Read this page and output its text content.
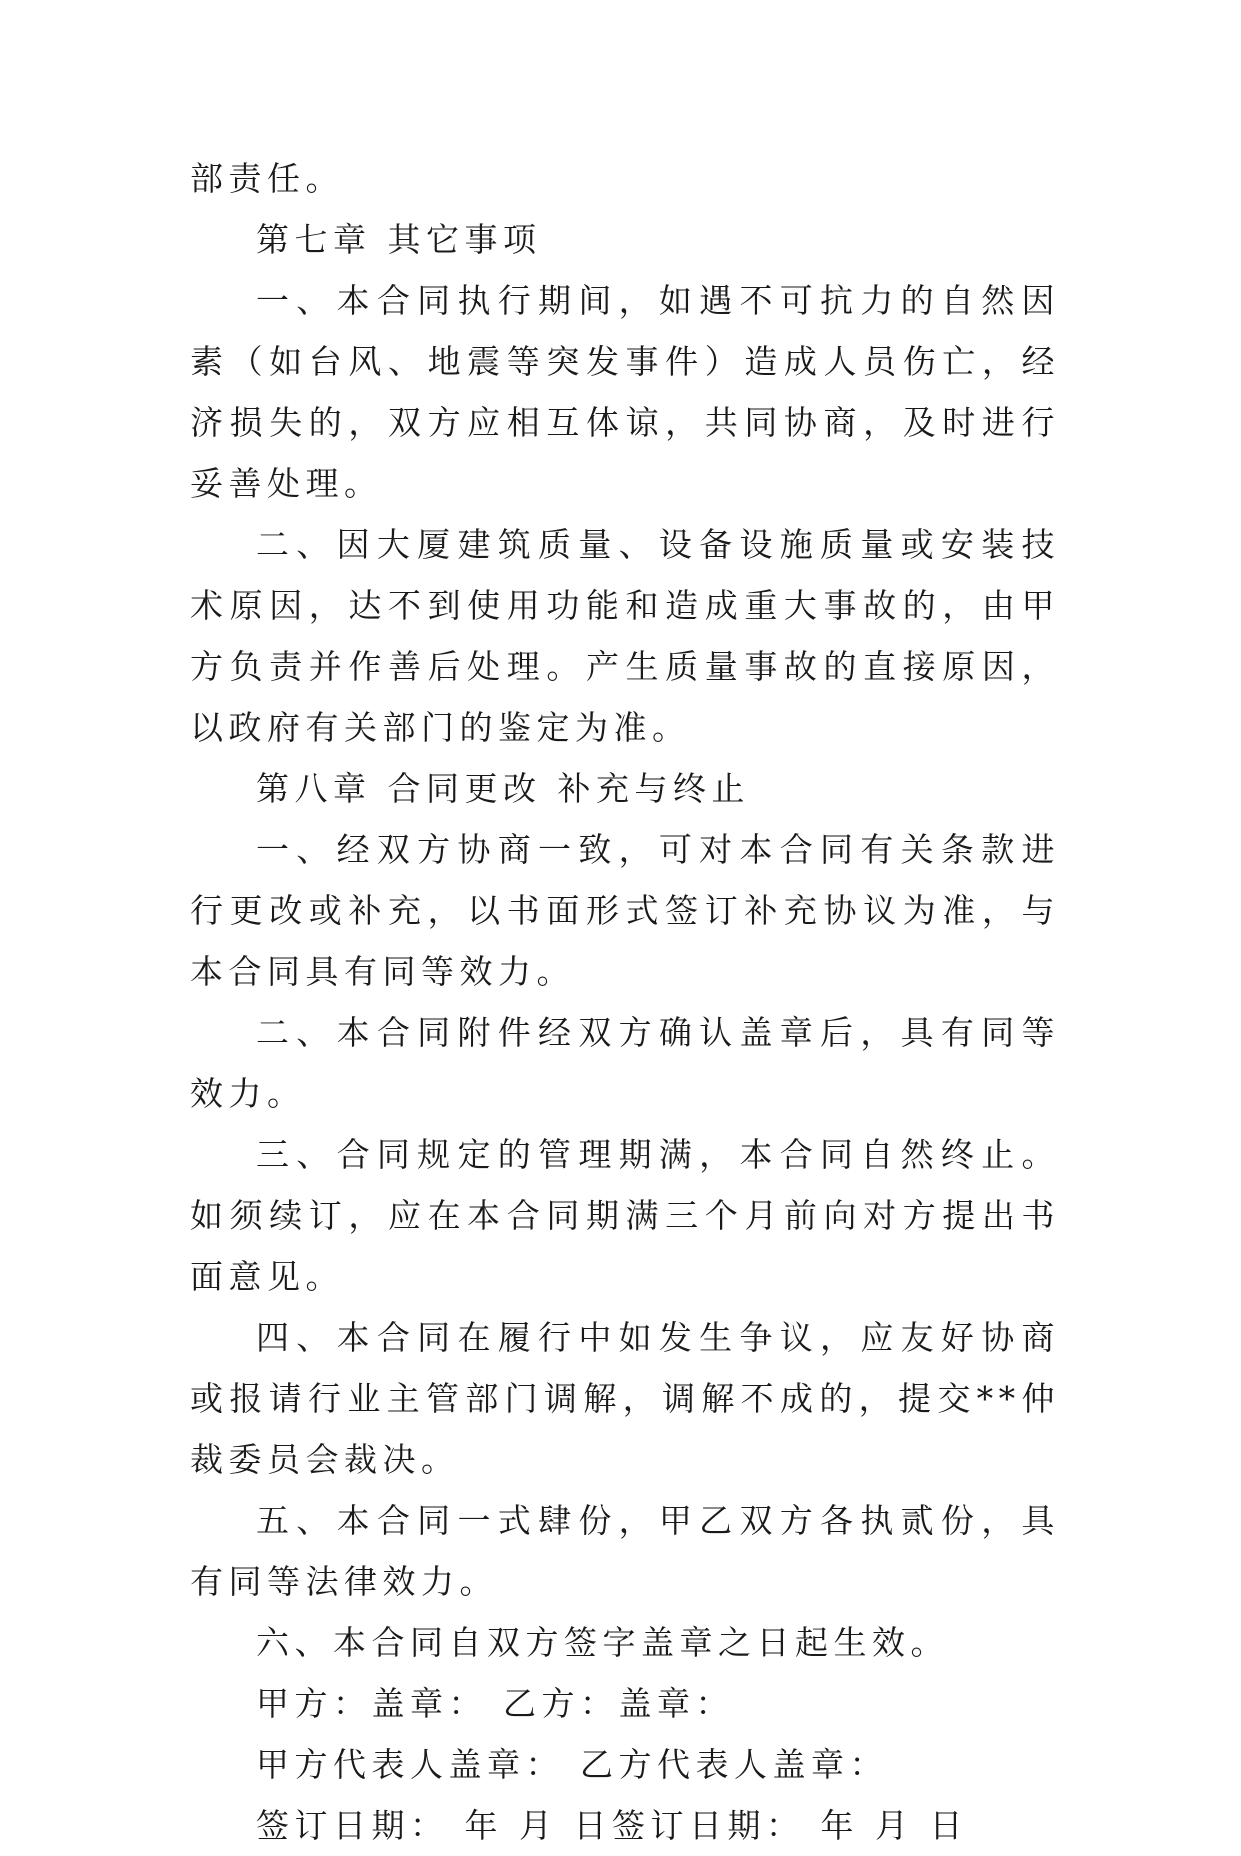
部责任。

第七章 其它事项

一、本合同执行期间，如遇不可抗力的自然因素（如台风、地震等突发事件）造成人员伤亡，经济损失的，双方应相互体谅，共同协商，及时进行妥善处理。

二、因大厦建筑质量、设备设施质量或安装技术原因，达不到使用功能和造成重大事故的，由甲方负责并作善后处理。产生质量事故的直接原因，以政府有关部门的鉴定为准。

第八章 合同更改 补充与终止

一、经双方协商一致，可对本合同有关条款进行更改或补充，以书面形式签订补充协议为准，与本合同具有同等效力。

二、本合同附件经双方确认盖章后，具有同等效力。

三、合同规定的管理期满，本合同自然终止。如须续订，应在本合同期满三个月前向对方提出书面意见。

四、本合同在履行中如发生争议，应友好协商或报请行业主管部门调解，调解不成的，提交**仲裁委员会裁决。

五、本合同一式肆份，甲乙双方各执贰份，具有同等法律效力。

六、本合同自双方签字盖章之日起生效。

甲方：盖章： 乙方：盖章：

甲方代表人盖章： 乙方代表人盖章：

签订日期： 年 月 日签订日期： 年 月 日
